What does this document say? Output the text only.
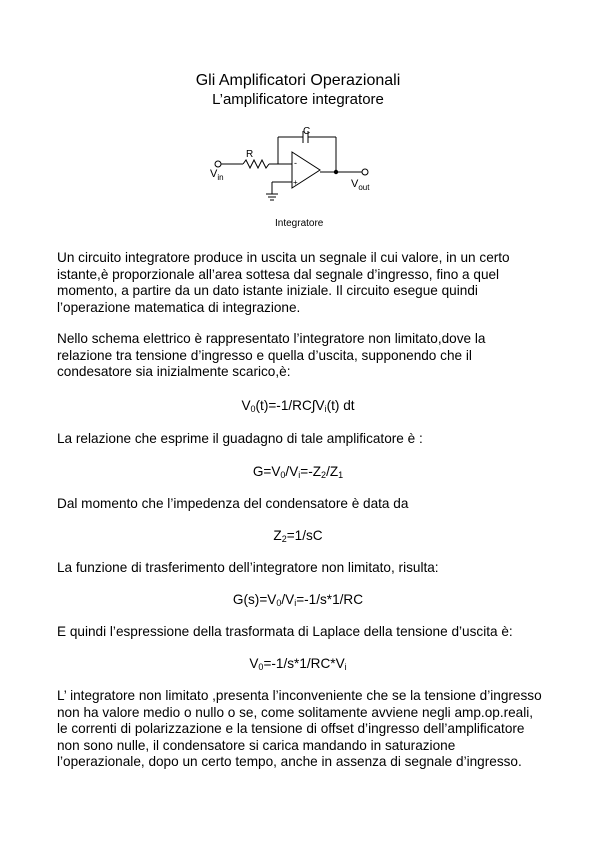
Gli Amplificatori Operazionali
L’amplificatore integratore
C
R
-
+
$V_{in}$
$V_{out}$
Integratore

Un circuito integratore produce in uscita un segnale il cui valore, in un certo istante,è proporzionale all’area sottesa dal segnale d’ingresso, fino a quel momento, a partire da un dato istante iniziale. Il circuito esegue quindi l’operazione matematica di integrazione.

Nello schema elettrico è rappresentato l’integratore non limitato,dove la relazione tra tensione d’ingresso e quella d’uscita, supponendo che il condesatore sia inizialmente scarico,è:

$V_0(t)=-1/RC\int V_i(t)$ dt

La relazione che esprime il guadagno di tale amplificatore è :

$G=V_0/V_i=-Z_2/Z_1$

Dal momento che l’impedenza del condensatore è data da

$Z_2=1/sC$

La funzione di trasferimento dell’integratore non limitato, risulta:

$G(s)=V_0/V_i=-1/s*1/RC$

E quindi l’espressione della trasformata di Laplace della tensione d’uscita è:

$V_0=-1/s*1/RC*V_i$

L’ integratore non limitato ,presenta l’inconveniente che se la tensione d’ingresso non ha valore medio o nullo o se, come solitamente avviene negli amp.op.reali, le correnti di polarizzazione e la tensione di offset d’ingresso dell’amplificatore non sono nulle, il condensatore si carica mandando in saturazione l’operazionale, dopo un certo tempo, anche in assenza di segnale d’ingresso.
